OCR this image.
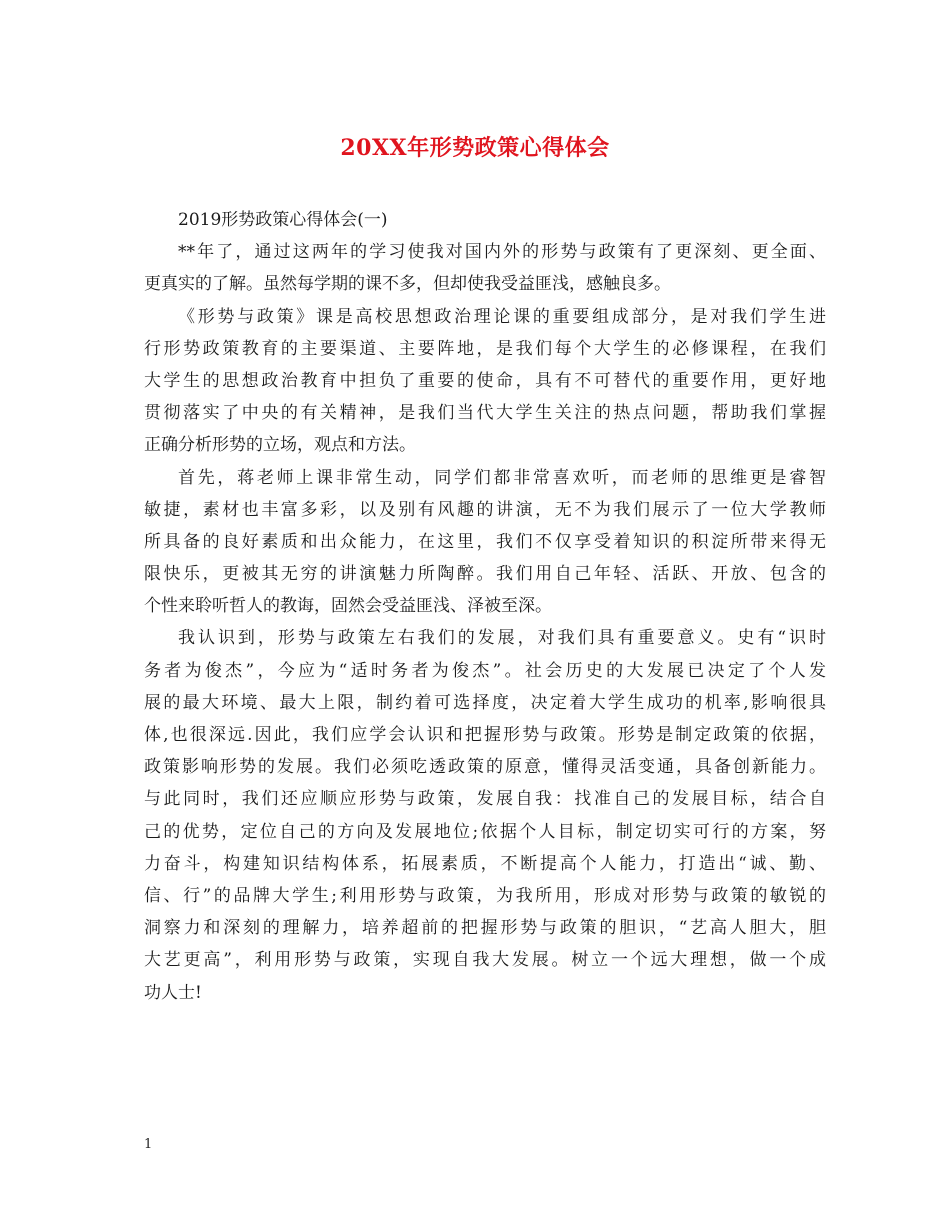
20XX年形势政策心得体会
2019形势政策心得体会(一)
**年了，通过这两年的学习使我对国内外的形势与政策有了更深刻、更全面、
更真实的了解。虽然每学期的课不多，但却使我受益匪浅，感触良多。
《形势与政策》课是高校思想政治理论课的重要组成部分，是对我们学生进
行形势政策教育的主要渠道、主要阵地，是我们每个大学生的必修课程，在我们
大学生的思想政治教育中担负了重要的使命，具有不可替代的重要作用，更好地
贯彻落实了中央的有关精神，是我们当代大学生关注的热点问题，帮助我们掌握
正确分析形势的立场，观点和方法。
首先，蒋老师上课非常生动，同学们都非常喜欢听，而老师的思维更是睿智
敏捷，素材也丰富多彩，以及别有风趣的讲演，无不为我们展示了一位大学教师
所具备的良好素质和出众能力，在这里，我们不仅享受着知识的积淀所带来得无
限快乐，更被其无穷的讲演魅力所陶醉。我们用自己年轻、活跃、开放、包含的
个性来聆听哲人的教诲，固然会受益匪浅、泽被至深。
我认识到，形势与政策左右我们的发展，对我们具有重要意义。史有“识时
务者为俊杰”，今应为“适时务者为俊杰”。社会历史的大发展已决定了个人发
展的最大环境、最大上限，制约着可选择度，决定着大学生成功的机率,影响很具
体,也很深远.因此，我们应学会认识和把握形势与政策。形势是制定政策的依据，
政策影响形势的发展。我们必须吃透政策的原意，懂得灵活变通，具备创新能力。
与此同时，我们还应顺应形势与政策，发展自我：找准自己的发展目标，结合自
己的优势，定位自己的方向及发展地位;依据个人目标，制定切实可行的方案，努
力奋斗，构建知识结构体系，拓展素质，不断提高个人能力，打造出“诚、勤、
信、行”的品牌大学生;利用形势与政策，为我所用，形成对形势与政策的敏锐的
洞察力和深刻的理解力，培养超前的把握形势与政策的胆识，“艺高人胆大，胆
大艺更高”，利用形势与政策，实现自我大发展。树立一个远大理想，做一个成
功人士!
1
